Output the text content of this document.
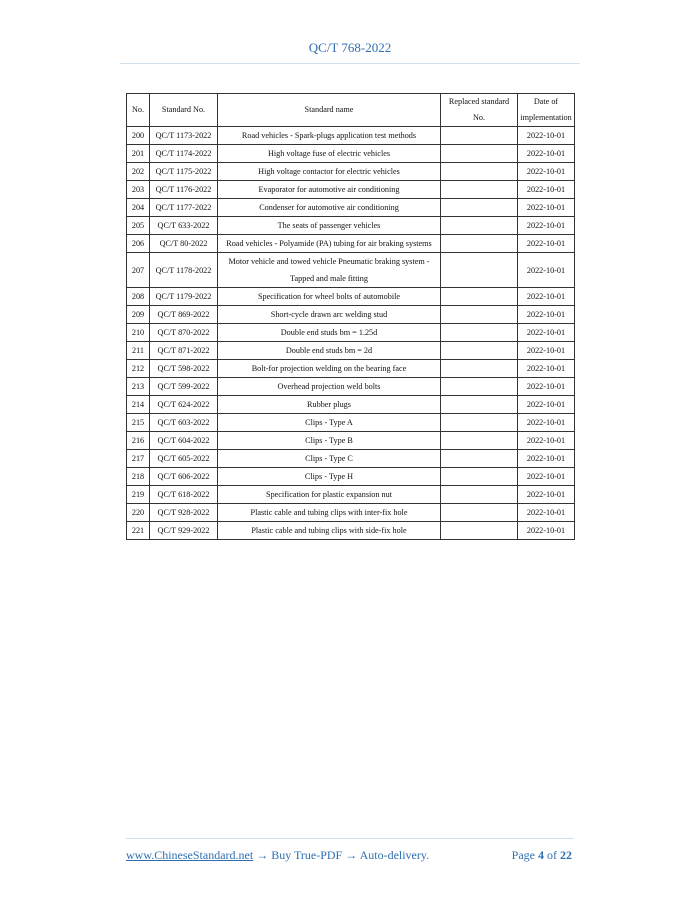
QC/T 768-2022
No.	Standard No.	Standard name	Replaced standard No.	Date of implementation
200	QC/T 1173-2022	Road vehicles - Spark-plugs application test methods		2022-10-01
201	QC/T 1174-2022	High voltage fuse of electric vehicles		2022-10-01
202	QC/T 1175-2022	High voltage contactor for electric vehicles		2022-10-01
203	QC/T 1176-2022	Evaporator for automotive air conditioning		2022-10-01
204	QC/T 1177-2022	Condenser for automotive air conditioning		2022-10-01
205	QC/T 633-2022	The seats of passenger vehicles		2022-10-01
206	QC/T 80-2022	Road vehicles - Polyamide (PA) tubing for air braking systems		2022-10-01
207	QC/T 1178-2022	Motor vehicle and towed vehicle Pneumatic braking system - Tapped and male fitting		2022-10-01
208	QC/T 1179-2022	Specification for wheel bolts of automobile		2022-10-01
209	QC/T 869-2022	Short-cycle drawn arc welding stud		2022-10-01
210	QC/T 870-2022	Double end studs bm = 1.25d		2022-10-01
211	QC/T 871-2022	Double end studs bm = 2d		2022-10-01
212	QC/T 598-2022	Bolt-for projection welding on the bearing face		2022-10-01
213	QC/T 599-2022	Overhead projection weld bolts		2022-10-01
214	QC/T 624-2022	Rubber plugs		2022-10-01
215	QC/T 603-2022	Clips - Type A		2022-10-01
216	QC/T 604-2022	Clips - Type B		2022-10-01
217	QC/T 605-2022	Clips - Type C		2022-10-01
218	QC/T 606-2022	Clips - Type H		2022-10-01
219	QC/T 618-2022	Specification for plastic expansion nut		2022-10-01
220	QC/T 928-2022	Plastic cable and tubing clips with inter-fix hole		2022-10-01
221	QC/T 929-2022	Plastic cable and tubing clips with side-fix hole		2022-10-01
www.ChineseStandard.net → Buy True-PDF → Auto-delivery.	Page 4 of 22
